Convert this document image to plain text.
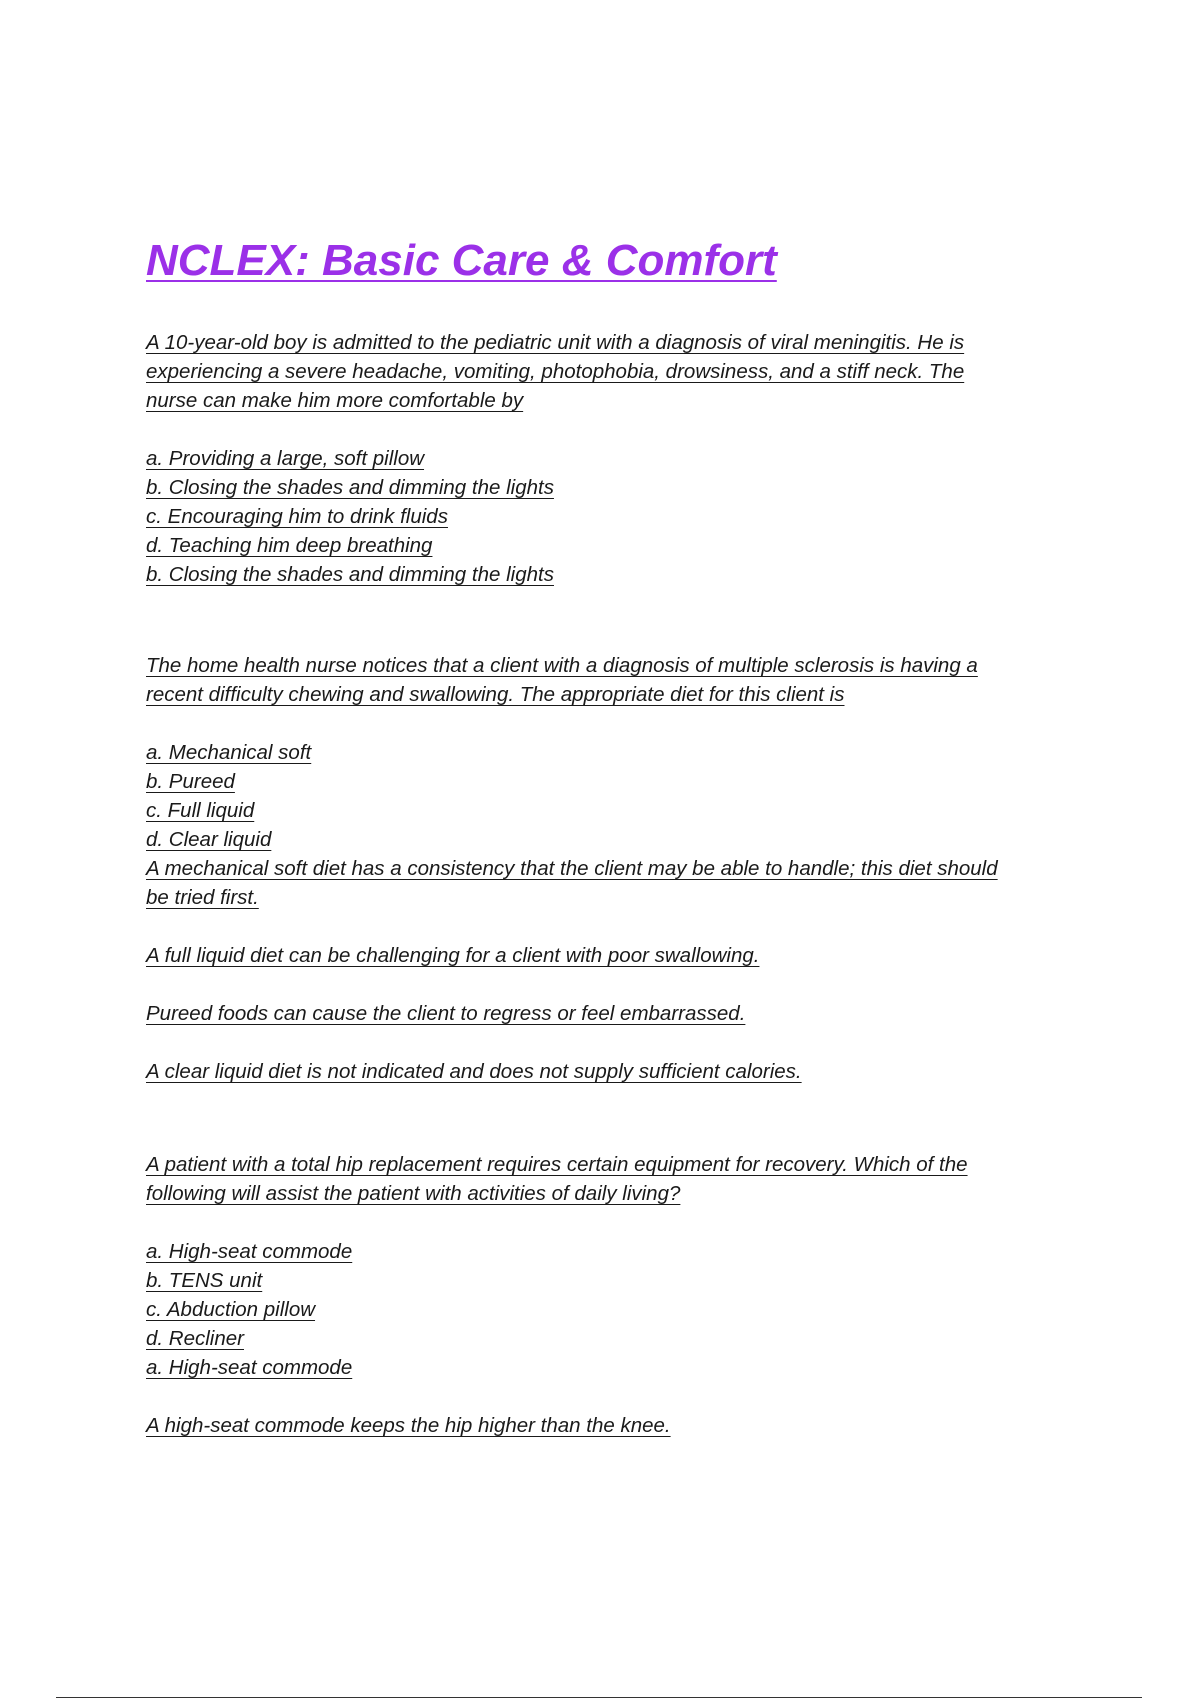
NCLEX: Basic Care & Comfort

A 10-year-old boy is admitted to the pediatric unit with a diagnosis of viral meningitis. He is

experiencing a severe headache, vomiting, photophobia, drowsiness, and a stiff neck. The

nurse can make him more comfortable by

a. Providing a large, soft pillow

b. Closing the shades and dimming the lights

c. Encouraging him to drink fluids

d. Teaching him deep breathing

b. Closing the shades and dimming the lights

The home health nurse notices that a client with a diagnosis of multiple sclerosis is having a

recent difficulty chewing and swallowing. The appropriate diet for this client is

a. Mechanical soft

b. Pureed

c. Full liquid

d. Clear liquid

A mechanical soft diet has a consistency that the client may be able to handle; this diet should

be tried first.

A full liquid diet can be challenging for a client with poor swallowing.

Pureed foods can cause the client to regress or feel embarrassed.

A clear liquid diet is not indicated and does not supply sufficient calories.

A patient with a total hip replacement requires certain equipment for recovery. Which of the

following will assist the patient with activities of daily living?

a. High-seat commode

b. TENS unit

c. Abduction pillow

d. Recliner

a. High-seat commode

A high-seat commode keeps the hip higher than the knee.
